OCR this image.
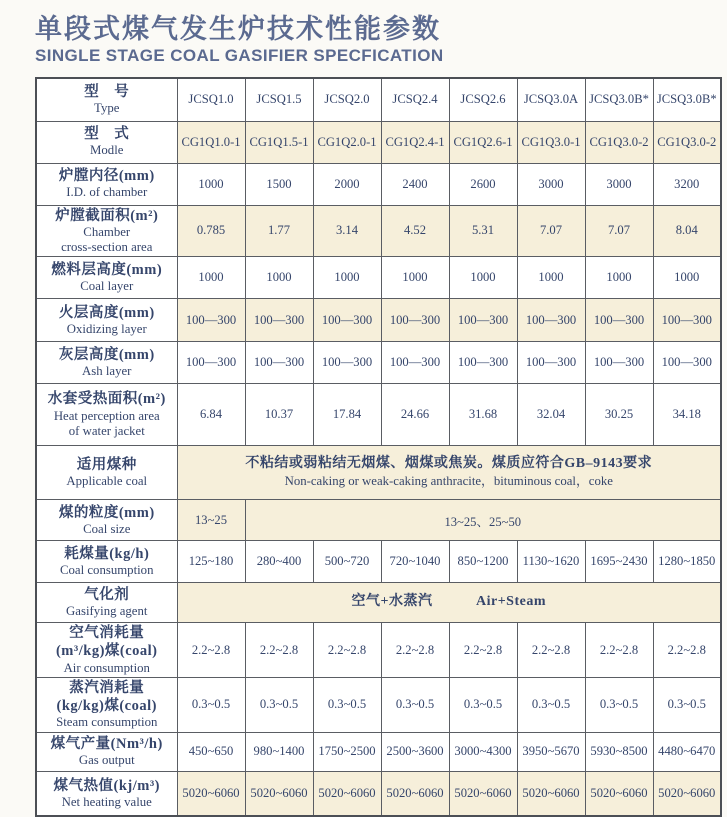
单段式煤气发生炉技术性能参数
SINGLE STAGE COAL GASIFIER SPECFICATION
型　号
Type	JCSQ1.0	JCSQ1.5	JCSQ2.0	JCSQ2.4	JCSQ2.6	JCSQ3.0A	JCSQ3.0B*	JCSQ3.0B*

型　式
Modle	CG1Q1.0-1	CG1Q1.5-1	CG1Q2.0-1	CG1Q2.4-1	CG1Q2.6-1	CG1Q3.0-1	CG1Q3.0-2	CG1Q3.0-2

炉膛内径(mm)
I.D. of chamber	1000	1500	2000	2400	2600	3000	3000	3200

炉膛截面积(m²)
Chamber
cross-section area	0.785	1.77	3.14	4.52	5.31	7.07	7.07	8.04

燃料层高度(mm)
Coal layer	1000	1000	1000	1000	1000	1000	1000	1000

火层高度(mm)
Oxidizing layer	100—300	100—300	100—300	100—300	100—300	100—300	100—300	100—300

灰层高度(mm)
Ash layer	100—300	100—300	100—300	100—300	100—300	100—300	100—300	100—300

水套受热面积(m²)
Heat perception area
of water jacket	6.84	10.37	17.84	24.66	31.68	32.04	30.25	34.18

适用煤种
Applicable coal

不粘结或弱粘结无烟煤、烟煤或焦炭。煤质应符合GB–9143要求
Non-caking or weak-caking anthracite，bituminous coal，coke

煤的粒度(mm)
Coal size	13~25	13~25、25~50						

耗煤量(kg/h)
Coal consumption	125~180	280~400	500~720	720~1040	850~1200	1130~1620	1695~2430	1280~1850

气化剂
Gasifying agent	空气+水蒸汽　　　Air+Steam							

空气消耗量
(m³/kg)煤(coal)
Air consumption	2.2~2.8	2.2~2.8	2.2~2.8	2.2~2.8	2.2~2.8	2.2~2.8	2.2~2.8	2.2~2.8

蒸汽消耗量
(kg/kg)煤(coal)
Steam consumption	0.3~0.5	0.3~0.5	0.3~0.5	0.3~0.5	0.3~0.5	0.3~0.5	0.3~0.5	0.3~0.5

煤气产量(Nm³/h)
Gas output	450~650	980~1400	1750~2500	2500~3600	3000~4300	3950~5670	5930~8500	4480~6470

煤气热值(kj/m³)
Net heating value	5020~6060	5020~6060	5020~6060	5020~6060	5020~6060	5020~6060	5020~6060	5020~6060
